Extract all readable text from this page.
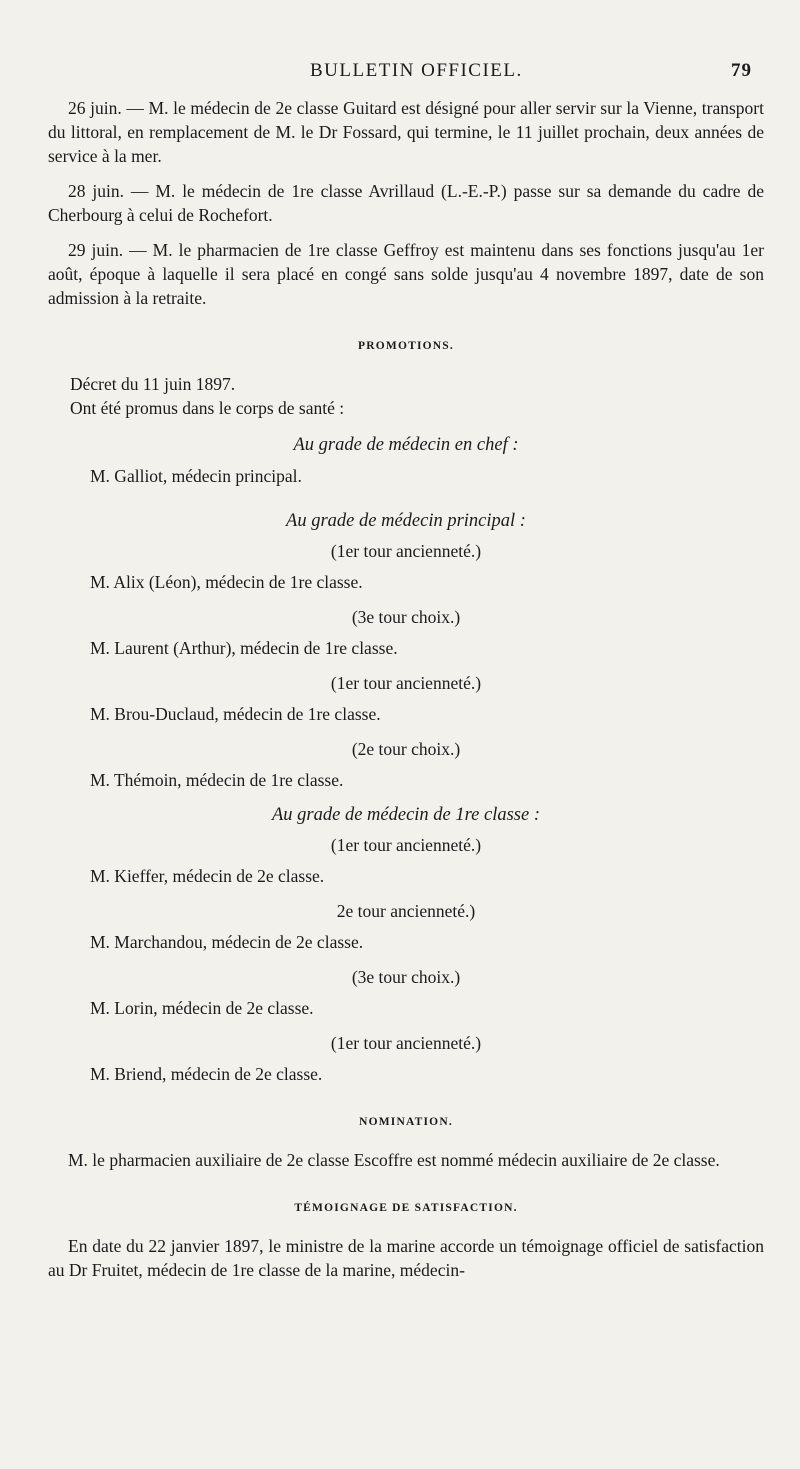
BULLETIN OFFICIEL.	79

26 juin. — M. le médecin de 2e classe Guitard est désigné pour aller servir sur la Vienne, transport du littoral, en remplacement de M. le Dr Fossard, qui termine, le 11 juillet prochain, deux années de service à la mer.

28 juin. — M. le médecin de 1re classe Avrillaud (L.-E.-P.) passe sur sa demande du cadre de Cherbourg à celui de Rochefort.

29 juin. — M. le pharmacien de 1re classe Geffroy est maintenu dans ses fonctions jusqu'au 1er août, époque à laquelle il sera placé en congé sans solde jusqu'au 4 novembre 1897, date de son admission à la retraite.

PROMOTIONS.

Décret du 11 juin 1897.

Ont été promus dans le corps de santé :

Au grade de médecin en chef :

M. Galliot, médecin principal.

Au grade de médecin principal :

(1er tour ancienneté.)

M. Alix (Léon), médecin de 1re classe.

(3e tour choix.)

M. Laurent (Arthur), médecin de 1re classe.

(1er tour ancienneté.)

M. Brou-Duclaud, médecin de 1re classe.

(2e tour choix.)

M. Thémoin, médecin de 1re classe.

Au grade de médecin de 1re classe :

(1er tour ancienneté.)

M. Kieffer, médecin de 2e classe.

2e tour ancienneté.)

M. Marchandou, médecin de 2e classe.

(3e tour choix.)

M. Lorin, médecin de 2e classe.

(1er tour ancienneté.)

M. Briend, médecin de 2e classe.

NOMINATION.

M. le pharmacien auxiliaire de 2e classe Escoffre est nommé médecin auxiliaire de 2e classe.

TÉMOIGNAGE DE SATISFACTION.

En date du 22 janvier 1897, le ministre de la marine accorde un témoignage officiel de satisfaction au Dr Fruitet, médecin de 1re classe de la marine, médecin-
